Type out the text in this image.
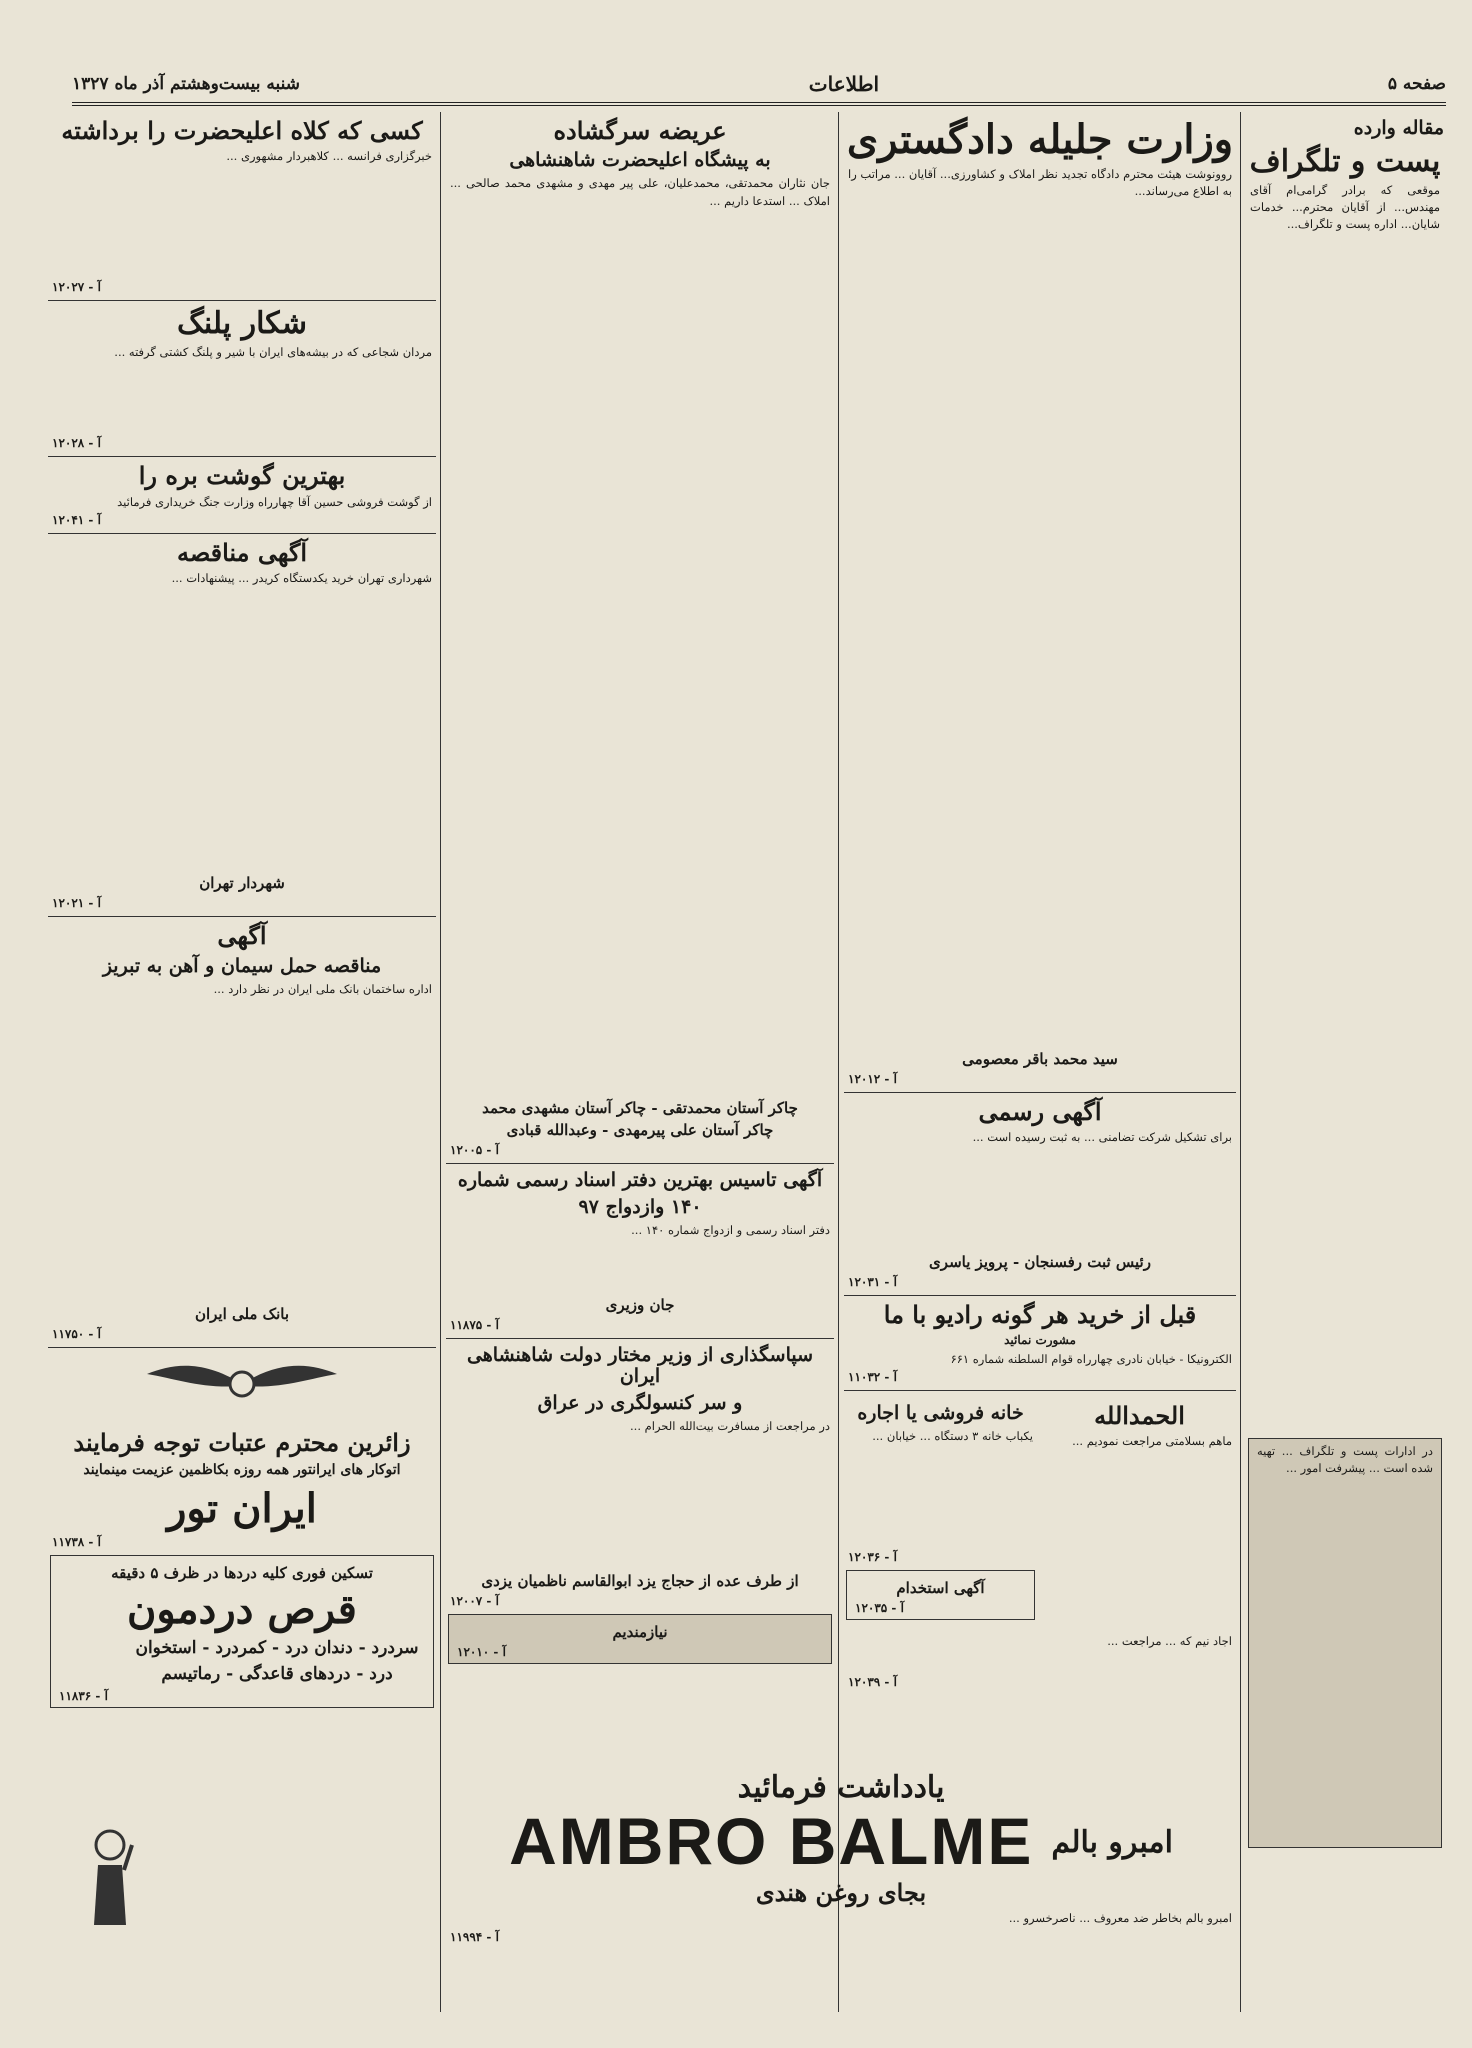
صفحه ۵
اطلاعات
شنبه بیست‌وهشتم آذر ماه ۱۳۲۷
مقاله وارده
پست و تلگراف
موقعی که برادر گرامی‌ام آقای مهندس... از آقایان محترم... خدمات شایان... اداره پست و تلگراف...
در ادارات پست و تلگراف ... تهیه شده است ... پیشرفت امور ...
وزارت جلیله دادگستری
روونوشت هیئت محترم دادگاه تجدید نظر املاک و کشاورزی... آقایان ... مراتب را به اطلاع می‌رساند...
سید محمد باقر معصومی
آ - ۱۲۰۱۲
آگهی رسمی
برای تشکیل شرکت تضامنی ... به ثبت رسیده است ...
رئیس ثبت رفسنجان - پرویز یاسری
آ - ۱۲۰۳۱
قبل از خرید هر گونه رادیو با ما
مشورت نمائید
الکترونیکا - خیابان نادری چهارراه قوام السلطنه شماره ۶۶۱
آ - ۱۱۰۳۲
الحمدالله
ماهم بسلامتی مراجعت نمودیم ...
خانه فروشی یا اجاره
یکباب خانه ۳ دستگاه ... خیابان ...
آ - ۱۲۰۳۶
آگهی استخدام
آ - ۱۲۰۳۵
اجاد نیم که ... مراجعت ...
آ - ۱۲۰۳۹
عریضه سرگشاده
به پیشگاه اعلیحضرت شاهنشاهی
جان نثاران محمدتقی، محمدعلیان، علی پیر مهدی و مشهدی محمد صالحی ... املاک ... استدعا داریم ...
چاکر آستان محمدتقی - چاکر آستان مشهدی محمد
چاکر آستان علی پیرمهدی - وعبدالله قبادی
آ - ۱۲۰۰۵
آگهی تاسیس بهترین دفتر اسناد رسمی شماره
۱۴۰ وازدواج ۹۷
دفتر اسناد رسمی و ازدواج شماره ۱۴۰ ...
جان وزیری
آ - ۱۱۸۷۵
سپاسگذاری از وزیر مختار دولت شاهنشاهی ایران
و سر کنسولگری در عراق
در مراجعت از مسافرت بیت‌الله الحرام ...
از طرف عده از حجاج یزد ابوالقاسم ناظمیان یزدی
آ - ۱۲۰۰۷
نیازمندیم
آ - ۱۲۰۱۰
یادداشت فرمائید
امبرو بالم
AMBRO BALME
بجای روغن هندی
امبرو بالم بخاطر ضد معروف ... ناصرخسرو ...
آ - ۱۱۹۹۴
کسی که کلاه اعلیحضرت را برداشته
خبرگزاری فرانسه ... کلاهبردار مشهوری ...
آ - ۱۲۰۲۷
شکار پلنگ
مردان شجاعی که در بیشه‌های ایران با شیر و پلنگ کشتی گرفته ...
آ - ۱۲۰۲۸
بهترین گوشت بره را
از گوشت فروشی حسین آقا چهارراه وزارت جنگ خریداری فرمائید
آ - ۱۲۰۴۱
آگهی مناقصه
شهرداری تهران خرید یکدستگاه کریدر ... پیشنهادات ...
شهردار تهران
آ - ۱۲۰۲۱
آگهی
مناقصه حمل سیمان و آهن به تبریز
اداره ساختمان بانک ملی ایران در نظر دارد ...
بانک ملی ایران
آ - ۱۱۷۵۰
زائرین محترم عتبات توجه فرمایند
اتوکار های ایرانتور همه روزه بکاظمین عزیمت مینمایند
ایران تور
آ - ۱۱۷۳۸
تسکین فوری کلیه دردها در ظرف ۵ دقیقه
قرص دردمون
سردرد - دندان درد - کمردرد - استخوان درد - دردهای قاعدگی - رماتیسم
آ - ۱۱۸۳۶
